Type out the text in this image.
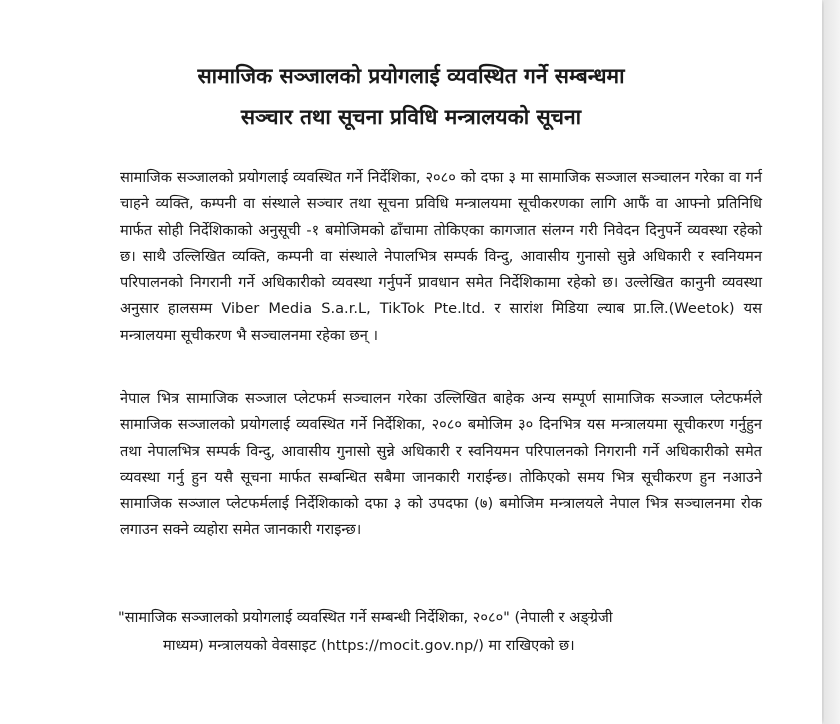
सामाजिक सञ्जालको प्रयोगलाई व्यवस्थित गर्ने सम्बन्धमा
सञ्चार तथा सूचना प्रविधि मन्त्रालयको सूचना

सामाजिक सञ्जालको प्रयोगलाई व्यवस्थित गर्ने निर्देशिका, २०८० को दफा ३ मा सामाजिक सञ्जाल सञ्चालन गरेका वा गर्न चाहने व्यक्ति, कम्पनी वा संस्थाले सञ्चार तथा सूचना प्रविधि मन्त्रालयमा सूचीकरणका लागि आफैं वा आफ्नो प्रतिनिधि मार्फत सोही निर्देशिकाको अनुसूची -१ बमोजिमको ढाँचामा तोकिएका कागजात संलग्न गरी निवेदन दिनुपर्ने व्यवस्था रहेको छ। साथै उल्लिखित व्यक्ति, कम्पनी वा संस्थाले नेपालभित्र सम्पर्क विन्दु, आवासीय गुनासो सुन्ने अधिकारी र स्वनियमन परिपालनको निगरानी गर्ने अधिकारीको व्यवस्था गर्नुपर्ने प्रावधान समेत निर्देशिकामा रहेको छ। उल्लेखित कानुनी व्यवस्था अनुसार हालसम्म Viber Media S.a.r.L, TikTok Pte.ltd. र सारांश मिडिया ल्याब प्रा.लि.(Weetok) यस मन्त्रालयमा सूचीकरण भै सञ्चालनमा रहेका छन् ।

नेपाल भित्र सामाजिक सञ्जाल प्लेटफर्म सञ्चालन गरेका उल्लिखित बाहेक अन्य सम्पूर्ण सामाजिक सञ्जाल प्लेटफर्मले सामाजिक सञ्जालको प्रयोगलाई व्यवस्थित गर्ने निर्देशिका, २०८० बमोजिम ३० दिनभित्र यस मन्त्रालयमा सूचीकरण गर्नुहुन तथा नेपालभित्र सम्पर्क विन्दु, आवासीय गुनासो सुन्ने अधिकारी र स्वनियमन परिपालनको निगरानी गर्ने अधिकारीको समेत व्यवस्था गर्नु हुन यसै सूचना मार्फत सम्बन्धित सबैमा जानकारी गराईन्छ। तोकिएको समय भित्र सूचीकरण हुन नआउने सामाजिक सञ्जाल प्लेटफर्मलाई निर्देशिकाको दफा ३ को उपदफा (७) बमोजिम मन्त्रालयले नेपाल भित्र सञ्चालनमा रोक लगाउन सक्ने व्यहोरा समेत जानकारी गराइन्छ।

"सामाजिक सञ्जालको प्रयोगलाई व्यवस्थित गर्ने सम्बन्धी निर्देशिका, २०८०" (नेपाली र अङ्ग्रेजी

माध्यम) मन्त्रालयको वेवसाइट (https://mocit.gov.np/) मा राखिएको छ।
